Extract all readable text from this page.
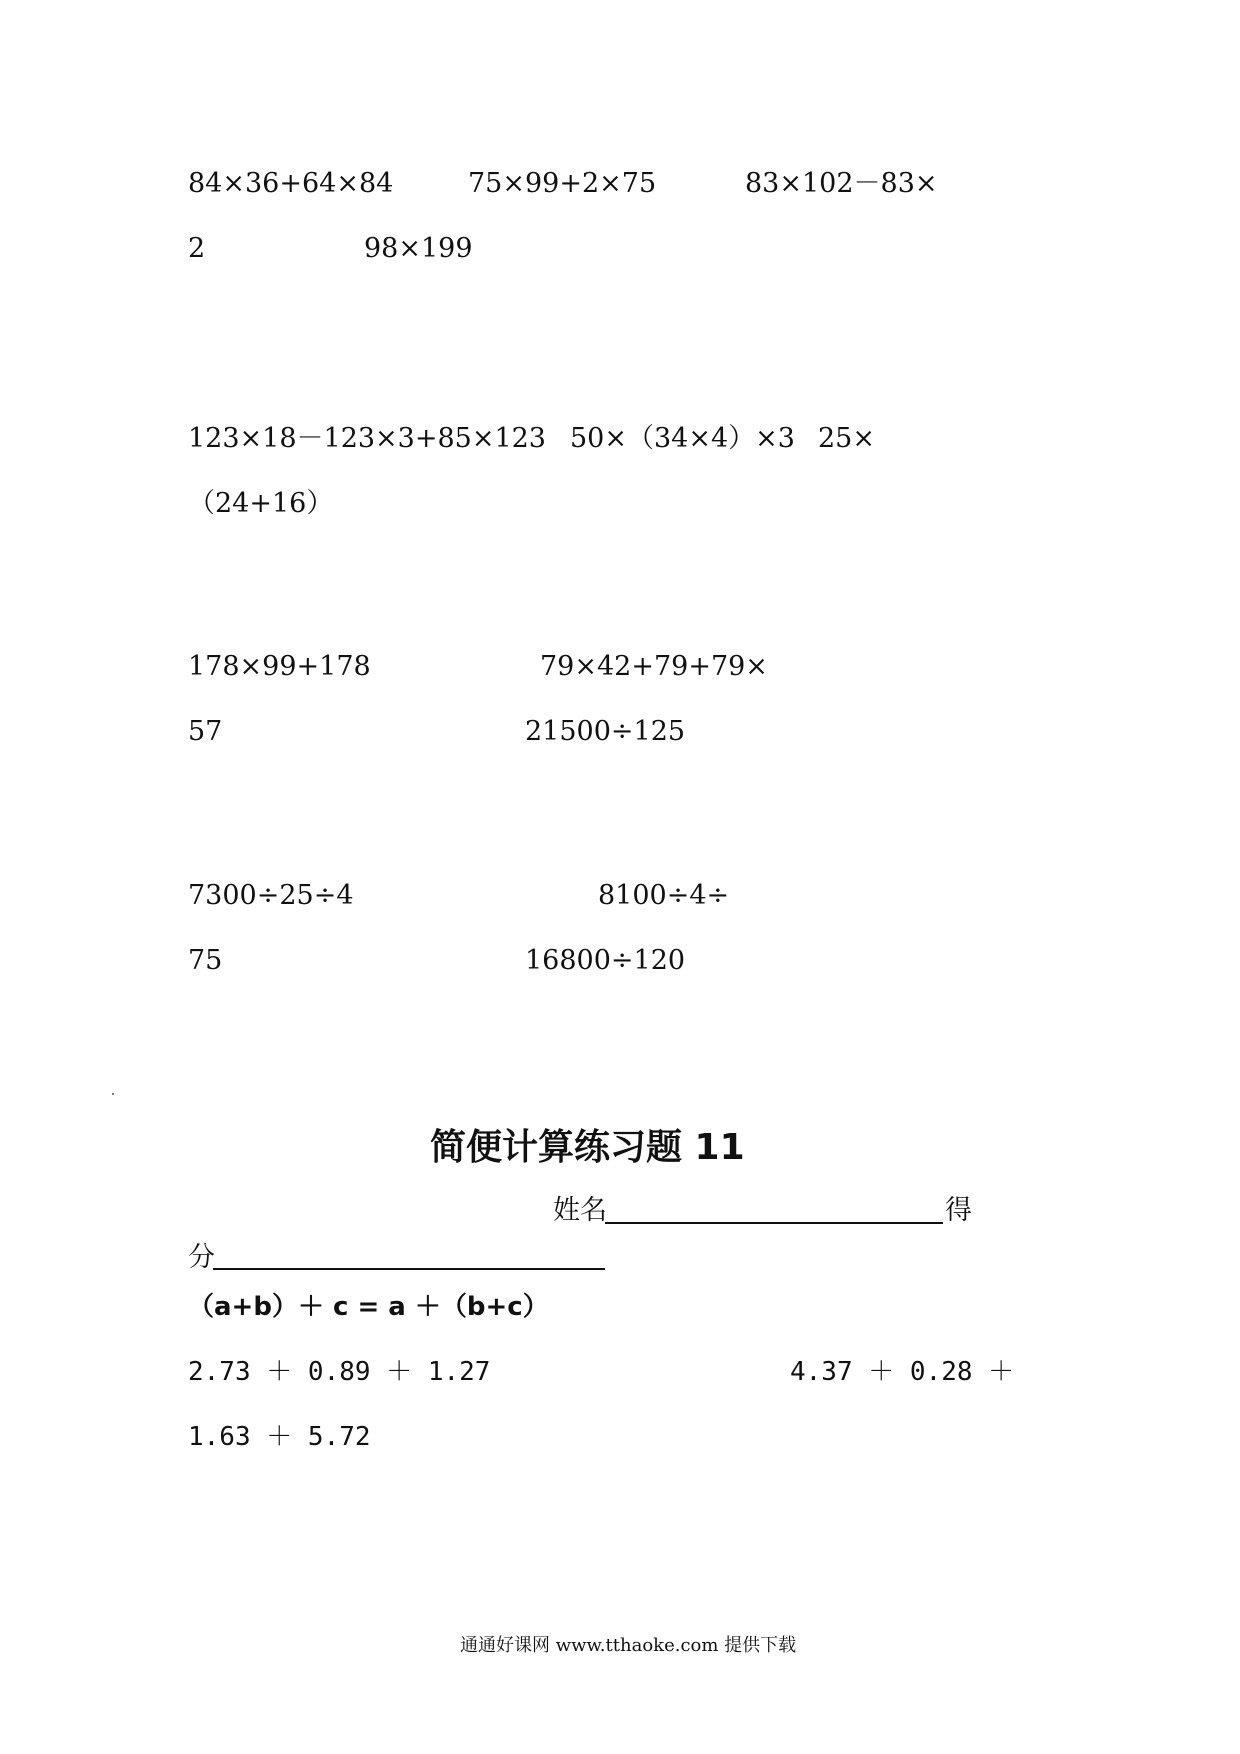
84×36+64×84	75×99+2×75	83×102－83×
2	98×199
123×18－123×3+85×123 50×（34×4）×3 25×
（24+16）
178×99+178	79×42+79+79×
57	21500÷125
7300÷25÷4	8100÷4÷
75	16800÷120
简便计算练习题 11
姓名	得
分
（a+b）＋ c = a ＋（b+c）
2.73 ＋ 0.89 ＋ 1.27	4.37 ＋ 0.28 ＋
1.63 ＋ 5.72
通通好课网 www.tthaoke.com 提供下载
